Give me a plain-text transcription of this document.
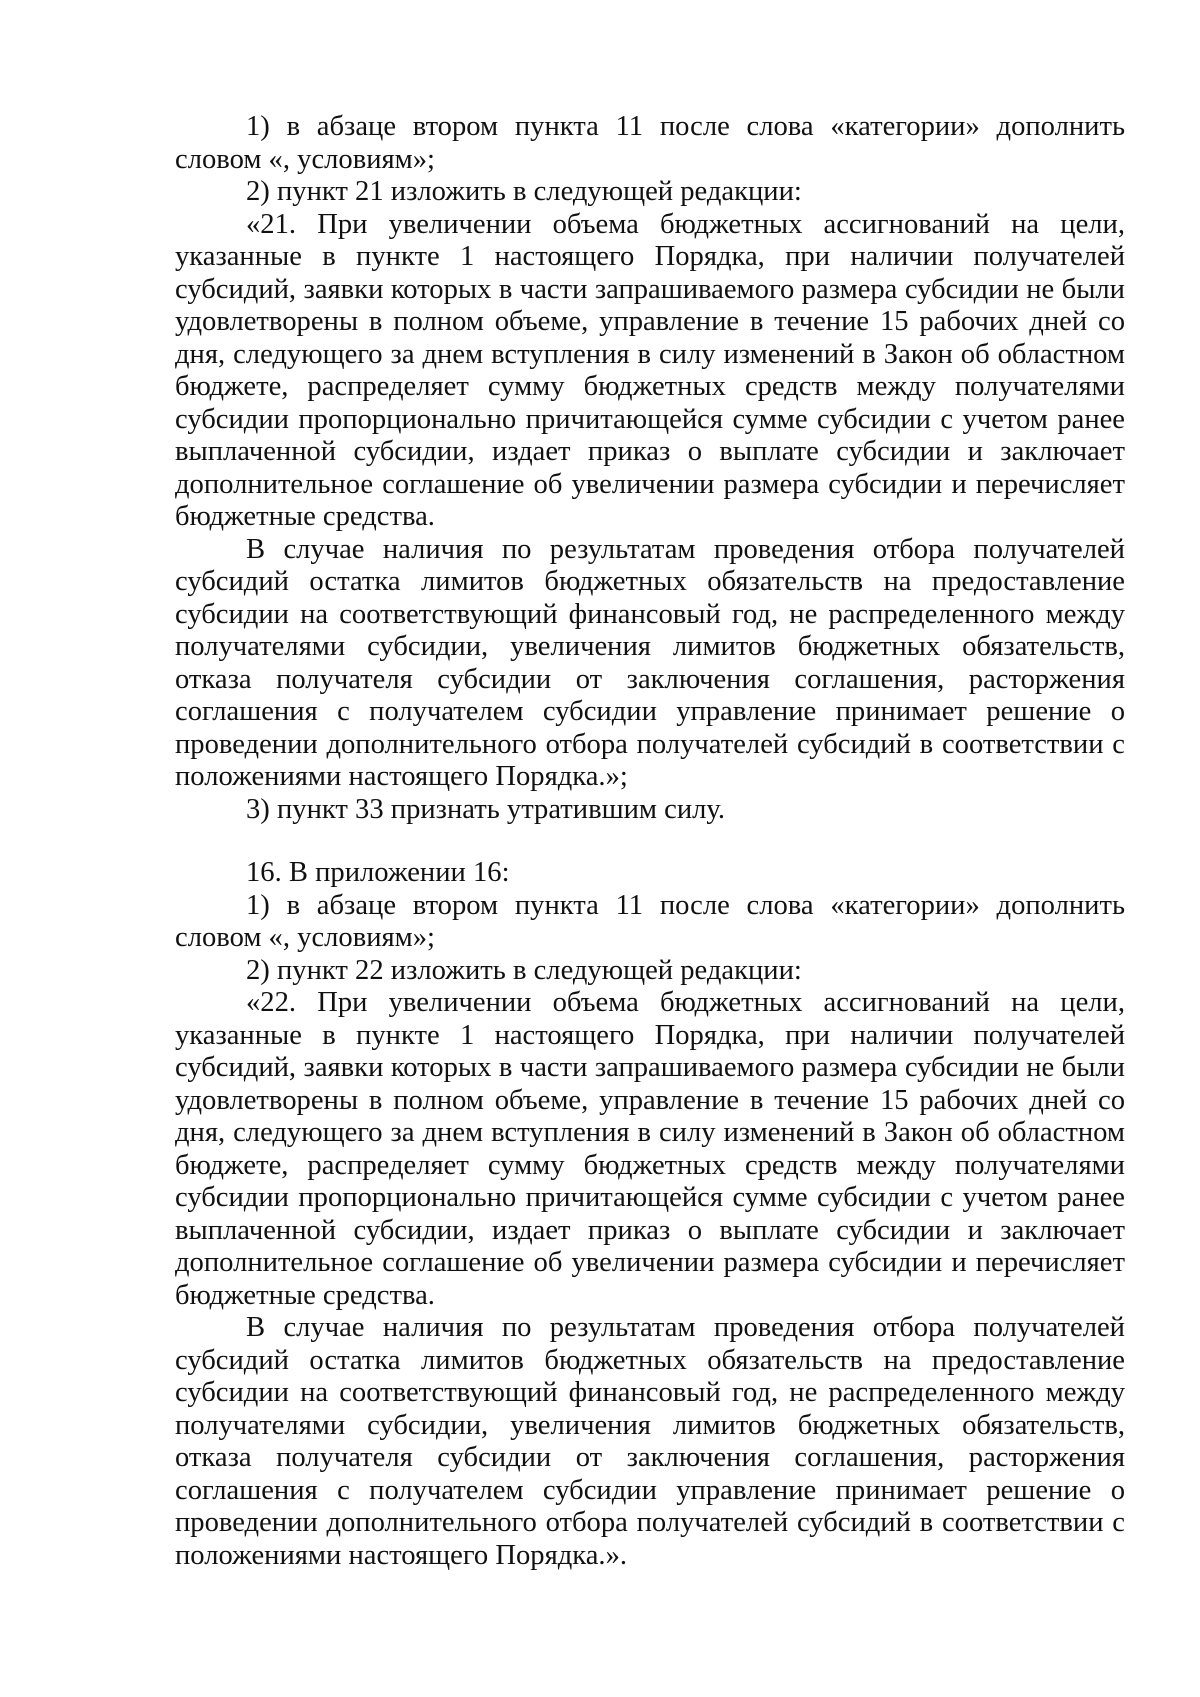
1) в абзаце втором пункта 11 после слова «категории» дополнить словом «, условиям»;

2) пункт 21 изложить в следующей редакции:

«21. При увеличении объема бюджетных ассигнований на цели, указанные в пункте 1 настоящего Порядка, при наличии получателей субсидий, заявки которых в части запрашиваемого размера субсидии не были удовлетворены в полном объеме, управление в течение 15 рабочих дней со дня, следующего за днем вступления в силу изменений в Закон об областном бюджете, распределяет сумму бюджетных средств между получателями субсидии пропорционально причитающейся сумме субсидии с учетом ранее выплаченной субсидии, издает приказ о выплате субсидии и заключает дополнительное соглашение об увеличении размера субсидии и перечисляет бюджетные средства.

В случае наличия по результатам проведения отбора получателей субсидий остатка лимитов бюджетных обязательств на предоставление субсидии на соответствующий финансовый год, не распределенного между получателями субсидии, увеличения лимитов бюджетных обязательств, отказа получателя субсидии от заключения соглашения, расторжения соглашения с получателем субсидии управление принимает решение о проведении дополнительного отбора получателей субсидий в соответствии с положениями настоящего Порядка.»;

3) пункт 33 признать утратившим силу.

16. В приложении 16:

1) в абзаце втором пункта 11 после слова «категории» дополнить словом «, условиям»;

2) пункт 22 изложить в следующей редакции:

«22. При увеличении объема бюджетных ассигнований на цели, указанные в пункте 1 настоящего Порядка, при наличии получателей субсидий, заявки которых в части запрашиваемого размера субсидии не были удовлетворены в полном объеме, управление в течение 15 рабочих дней со дня, следующего за днем вступления в силу изменений в Закон об областном бюджете, распределяет сумму бюджетных средств между получателями субсидии пропорционально причитающейся сумме субсидии с учетом ранее выплаченной субсидии, издает приказ о выплате субсидии и заключает дополнительное соглашение об увеличении размера субсидии и перечисляет бюджетные средства.

В случае наличия по результатам проведения отбора получателей субсидий остатка лимитов бюджетных обязательств на предоставление субсидии на соответствующий финансовый год, не распределенного между получателями субсидии, увеличения лимитов бюджетных обязательств, отказа получателя субсидии от заключения соглашения, расторжения соглашения с получателем субсидии управление принимает решение о проведении дополнительного отбора получателей субсидий в соответствии с положениями настоящего Порядка.».
